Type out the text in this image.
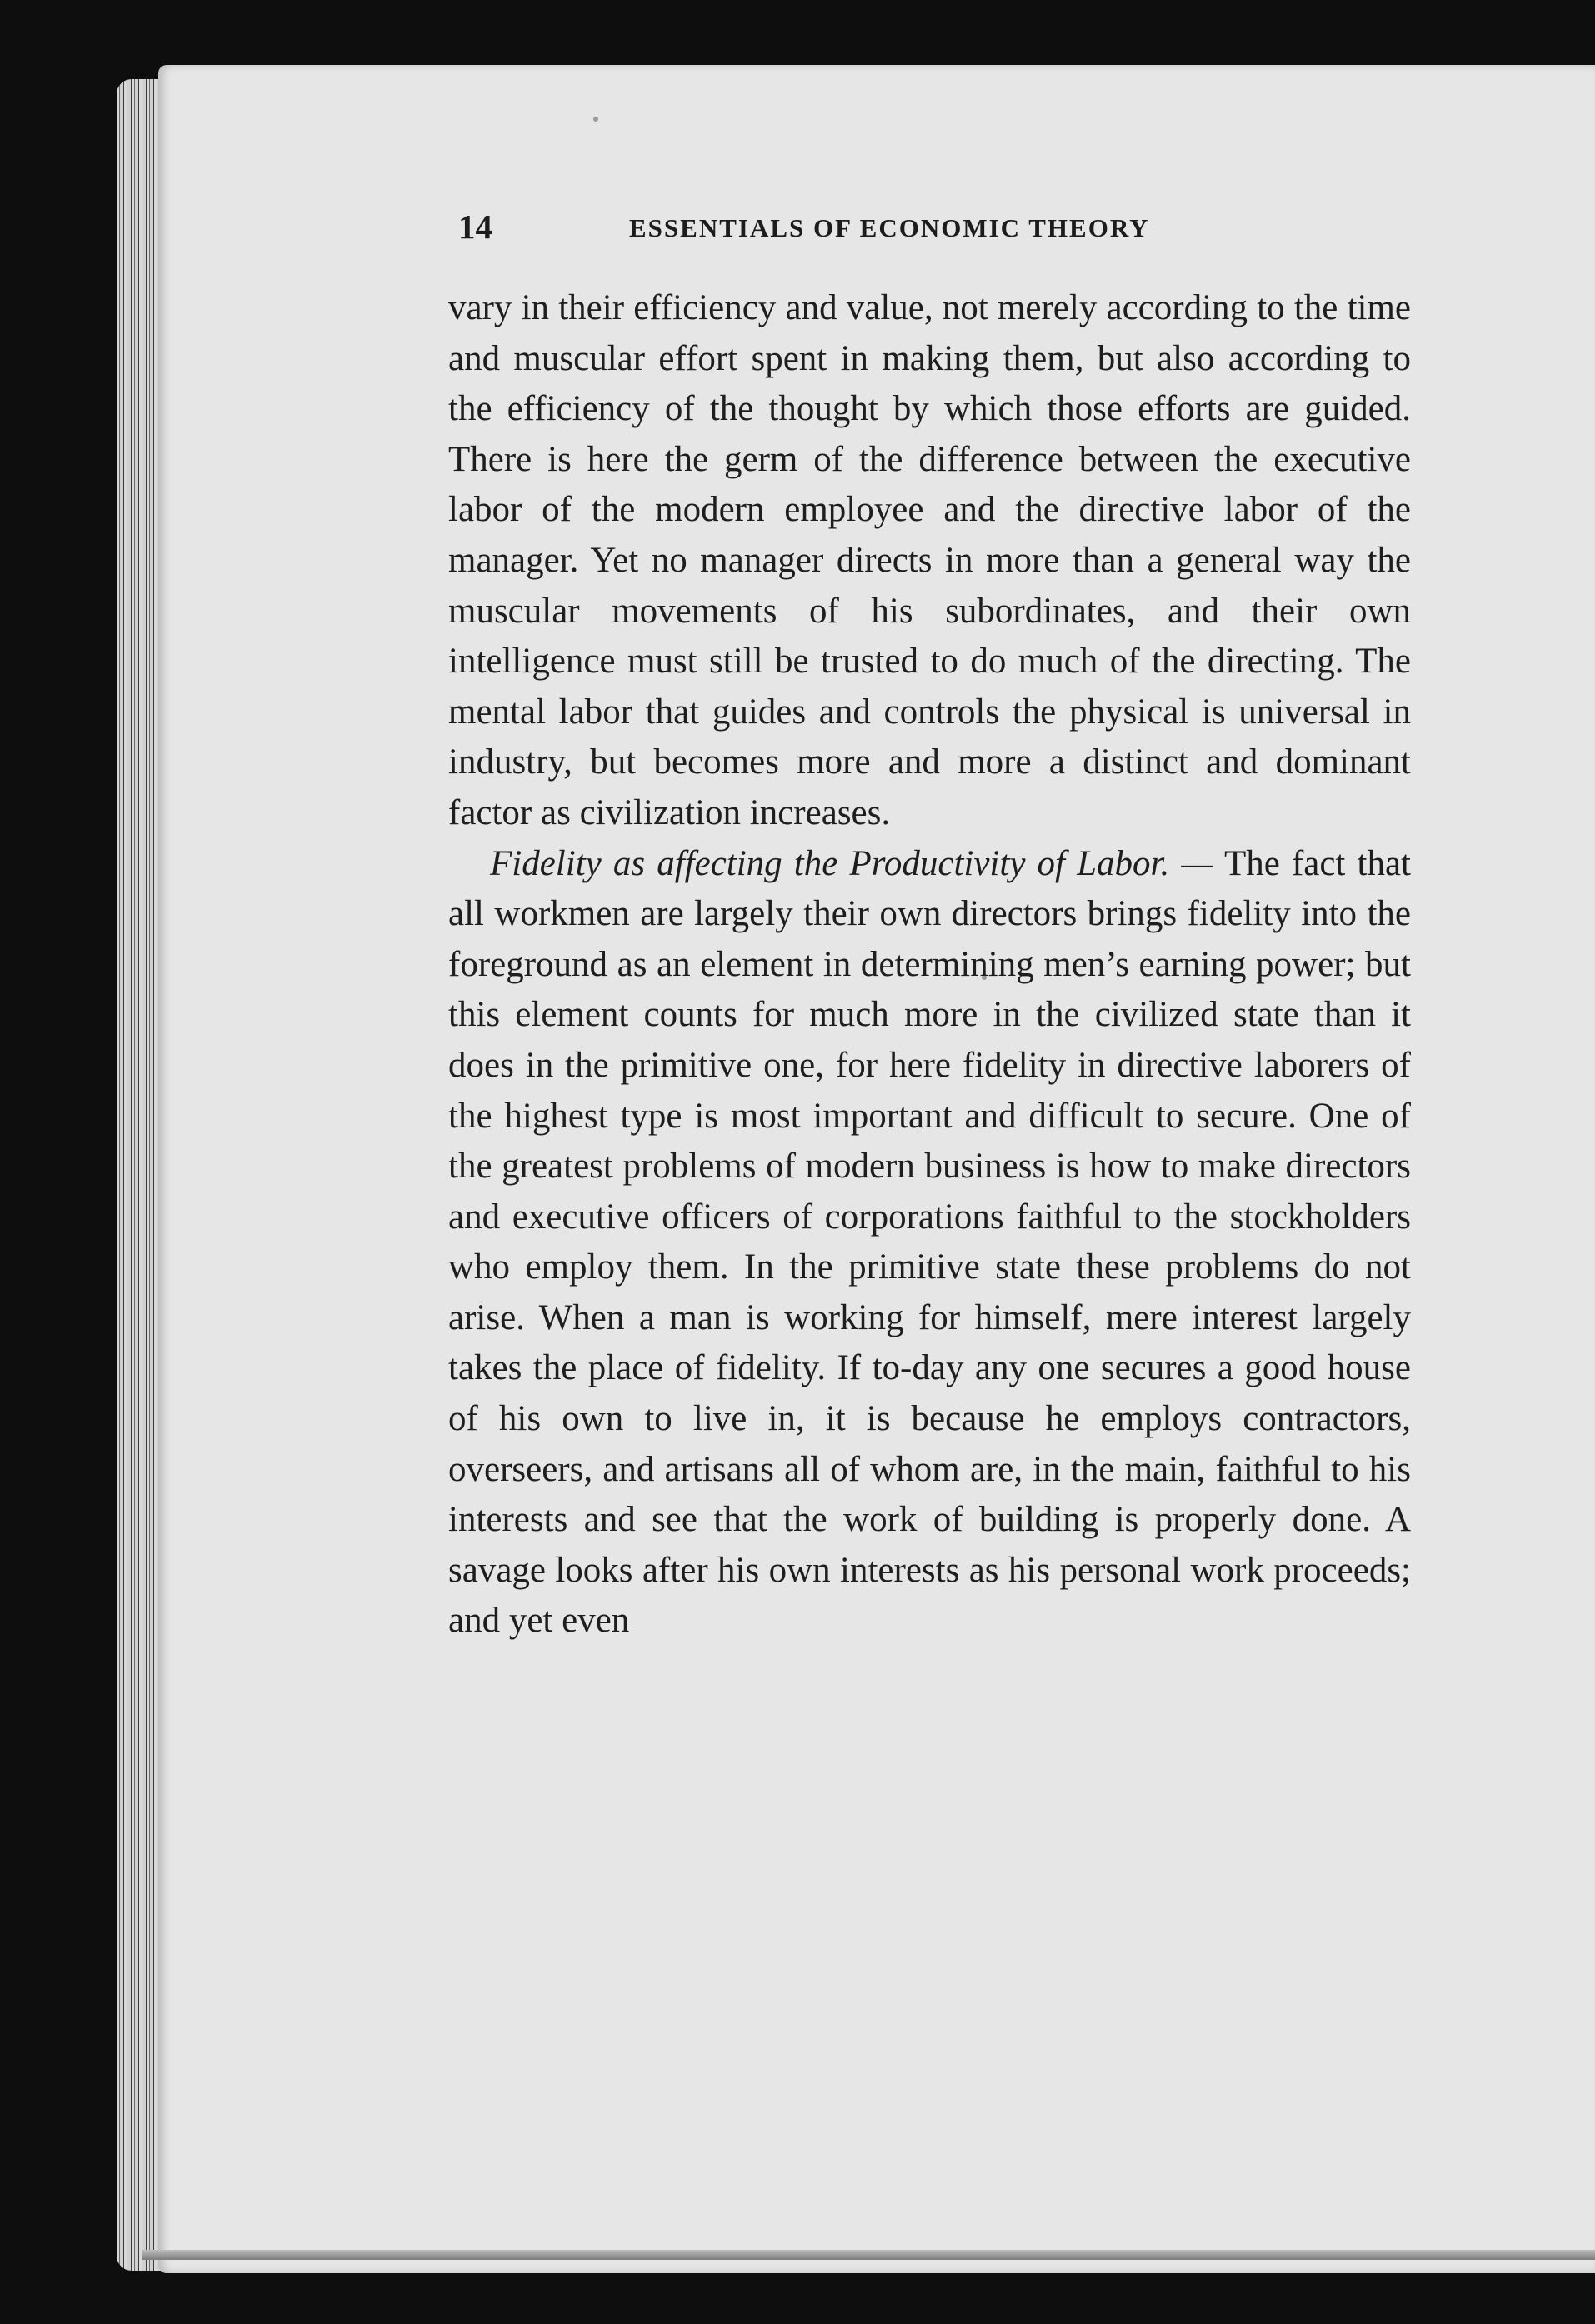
14	ESSENTIALS OF ECONOMIC THEORY

vary in their efficiency and value, not merely according to the time and muscular effort spent in making them, but also according to the efficiency of the thought by which those efforts are guided. There is here the germ of the difference between the executive labor of the modern employee and the directive labor of the manager. Yet no manager directs in more than a general way the muscular movements of his subordinates, and their own intelligence must still be trusted to do much of the directing. The mental labor that guides and controls the physical is universal in industry, but becomes more and more a distinct and dominant factor as civilization increases.

Fidelity as affecting the Productivity of Labor. — The fact that all workmen are largely their own directors brings fidelity into the foreground as an element in determining men’s earning power; but this element counts for much more in the civilized state than it does in the primitive one, for here fidelity in directive laborers of the highest type is most important and difficult to secure. One of the greatest problems of modern business is how to make directors and executive officers of corporations faithful to the stockholders who employ them. In the primitive state these problems do not arise. When a man is working for himself, mere interest largely takes the place of fidelity. If to-day any one secures a good house of his own to live in, it is because he employs contractors, overseers, and artisans all of whom are, in the main, faithful to his interests and see that the work of building is properly done. A savage looks after his own interests as his personal work proceeds; and yet even
